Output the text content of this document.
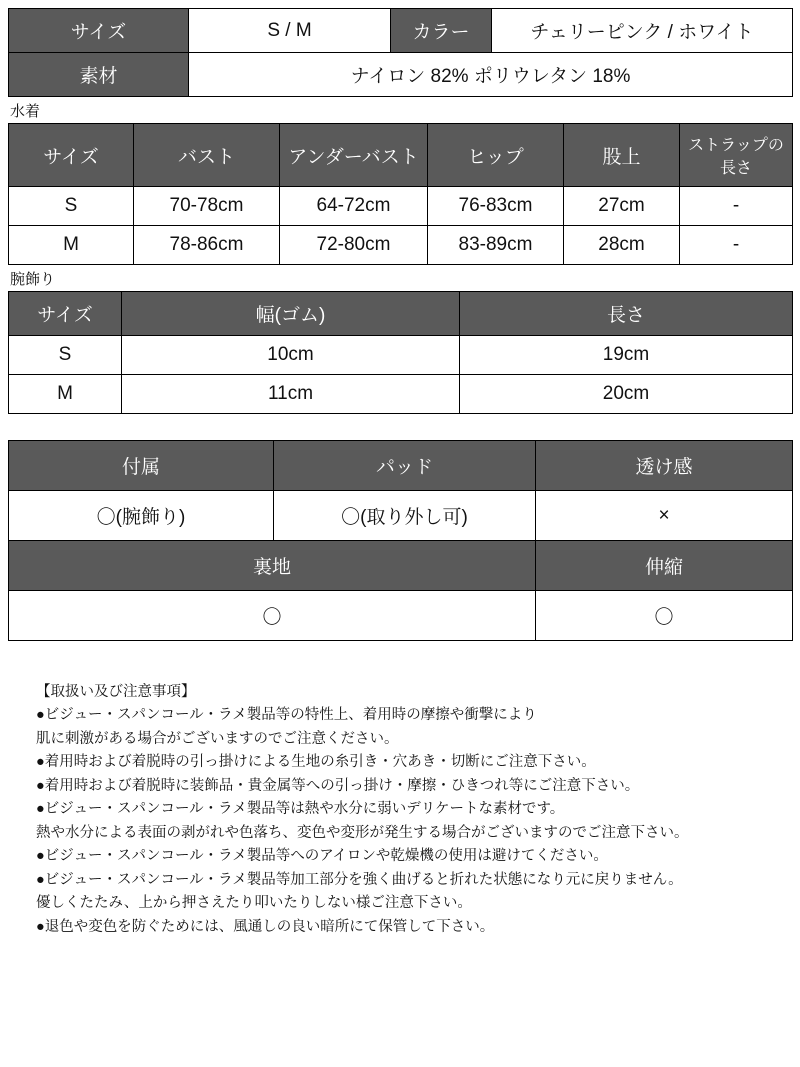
サイズ	S / M	カラー	チェリーピンク / ホワイト
素材	ナイロン 82% ポリウレタン 18%		
水着
サイズ	バスト	アンダーバスト	ヒップ	股上	ストラップの長さ
S	70-78cm	64-72cm	76-83cm	27cm	-
M	78-86cm	72-80cm	83-89cm	28cm	-
腕飾り
サイズ	幅(ゴム)	長さ
S	10cm	19cm
M	11cm	20cm
付属	パッド	透け感
〇(腕飾り)	〇(取り外し可)	×
裏地		伸縮
〇		〇
【取扱い及び注意事項】
●ビジュー・スパンコール・ラメ製品等の特性上、着用時の摩擦や衝撃により
肌に刺激がある場合がございますのでご注意ください。
●着用時および着脱時の引っ掛けによる生地の糸引き・穴あき・切断にご注意下さい。
●着用時および着脱時に装飾品・貴金属等への引っ掛け・摩擦・ひきつれ等にご注意下さい。
●ビジュー・スパンコール・ラメ製品等は熱や水分に弱いデリケートな素材です。
熱や水分による表面の剥がれや色落ち、変色や変形が発生する場合がございますのでご注意下さい。
●ビジュー・スパンコール・ラメ製品等へのアイロンや乾燥機の使用は避けてください。
●ビジュー・スパンコール・ラメ製品等加工部分を強く曲げると折れた状態になり元に戻りません。
優しくたたみ、上から押さえたり叩いたりしない様ご注意下さい。
●退色や変色を防ぐためには、風通しの良い暗所にて保管して下さい。
